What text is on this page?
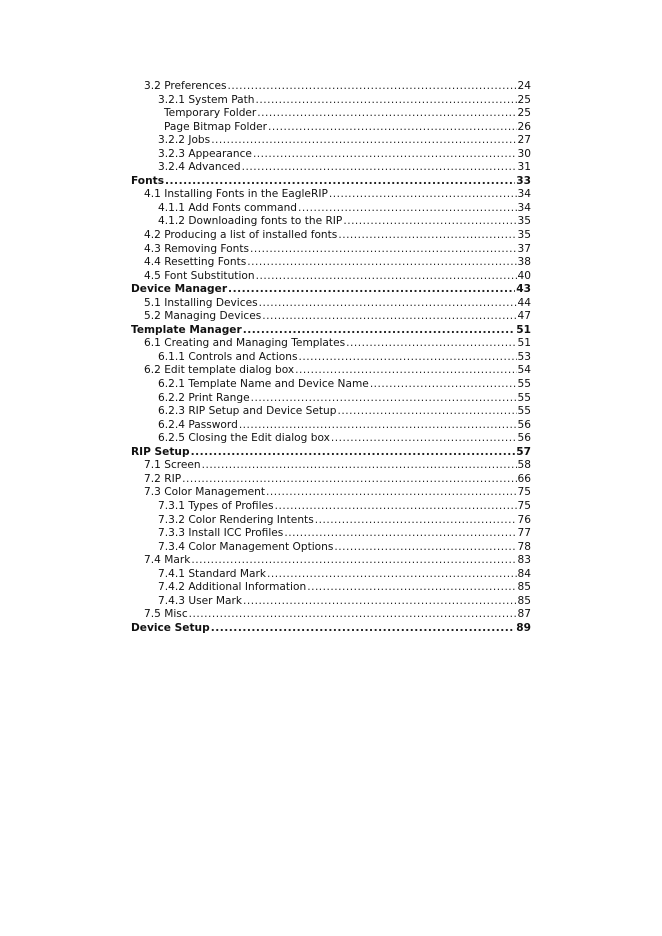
3.2 Preferences .....	24
3.2.1 System Path .....	25
Temporary Folder .....	25
Page Bitmap Folder .....	26
3.2.2 Jobs .....	27
3.2.3 Appearance .....	30
3.2.4 Advanced .....	31
Fonts .....	33
4.1 Installing Fonts in the EagleRIP .....	34
4.1.1 Add Fonts command .....	34
4.1.2 Downloading fonts to the RIP .....	35
4.2 Producing a list of installed fonts .....	35
4.3 Removing Fonts .....	37
4.4 Resetting Fonts .....	38
4.5 Font Substitution .....	40
Device Manager .....	43
5.1 Installing Devices .....	44
5.2 Managing Devices .....	47
Template Manager .....	51
6.1 Creating and Managing Templates .....	51
6.1.1 Controls and Actions .....	53
6.2 Edit template dialog box .....	54
6.2.1 Template Name and Device Name .....	55
6.2.2 Print Range .....	55
6.2.3 RIP Setup and Device Setup .....	55
6.2.4 Password .....	56
6.2.5 Closing the Edit dialog box .....	56
RIP Setup .....	57
7.1 Screen .....	58
7.2 RIP .....	66
7.3 Color Management .....	75
7.3.1 Types of Profiles .....	75
7.3.2 Color Rendering Intents .....	76
7.3.3 Install ICC Profiles .....	77
7.3.4 Color Management Options .....	78
7.4 Mark .....	83
7.4.1 Standard Mark .....	84
7.4.2 Additional Information .....	85
7.4.3 User Mark .....	85
7.5 Misc .....	87
Device Setup .....	89
